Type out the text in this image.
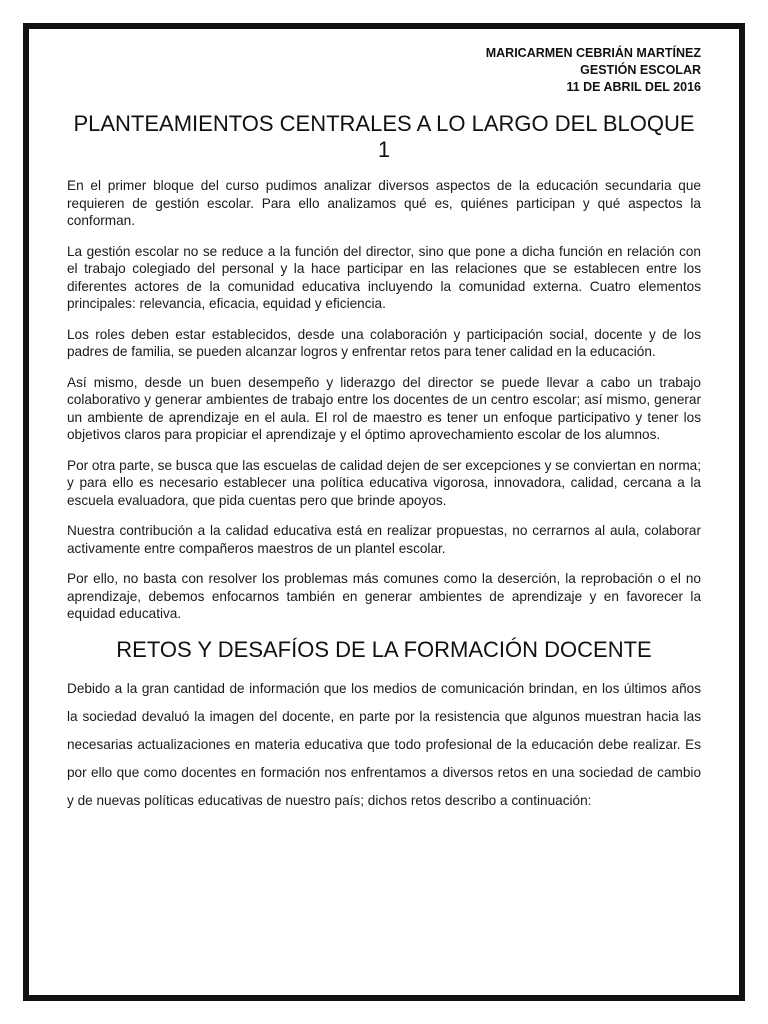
MARICARMEN CEBRIÁN MARTÍNEZ
GESTIÓN ESCOLAR
11 DE ABRIL DEL 2016
PLANTEAMIENTOS CENTRALES A LO LARGO DEL BLOQUE 1

En el primer bloque del curso pudimos analizar diversos aspectos de la educación secundaria que requieren de gestión escolar. Para ello analizamos qué es, quiénes participan y qué aspectos la conforman.

La gestión escolar no se reduce a la función del director, sino que pone a dicha función en relación con el trabajo colegiado del personal y la hace participar en las relaciones que se establecen entre los diferentes actores de la comunidad educativa incluyendo la comunidad externa. Cuatro elementos principales: relevancia, eficacia, equidad y eficiencia.

Los roles deben estar establecidos, desde una colaboración y participación social, docente y de los padres de familia, se pueden alcanzar logros y enfrentar retos para tener calidad en la educación.

Así mismo, desde un buen desempeño y liderazgo del director se puede llevar a cabo un trabajo colaborativo y generar ambientes de trabajo entre los docentes de un centro escolar; así mismo, generar un ambiente de aprendizaje en el aula. El rol de maestro es tener un enfoque participativo y tener los objetivos claros para propiciar el aprendizaje y el óptimo aprovechamiento escolar de los alumnos.

Por otra parte, se busca que las escuelas de calidad dejen de ser excepciones y se conviertan en norma; y para ello es necesario establecer una política educativa vigorosa, innovadora, calidad, cercana a la escuela evaluadora, que pida cuentas pero que brinde apoyos.

Nuestra contribución a la calidad educativa está en realizar propuestas, no cerrarnos al aula, colaborar activamente entre compañeros maestros de un plantel escolar.

Por ello, no basta con resolver los problemas más comunes como la deserción, la reprobación o el no aprendizaje, debemos enfocarnos también en generar ambientes de aprendizaje y en favorecer la equidad educativa.

RETOS Y DESAFÍOS DE LA FORMACIÓN DOCENTE

Debido a la gran cantidad de información que los medios de comunicación brindan, en los últimos años la sociedad devaluó la imagen del docente, en parte por la resistencia que algunos muestran hacia las necesarias actualizaciones en materia educativa que todo profesional de la educación debe realizar. Es por ello que como docentes en formación nos enfrentamos a diversos retos en una sociedad de cambio y de nuevas políticas educativas de nuestro país; dichos retos describo a continuación:
